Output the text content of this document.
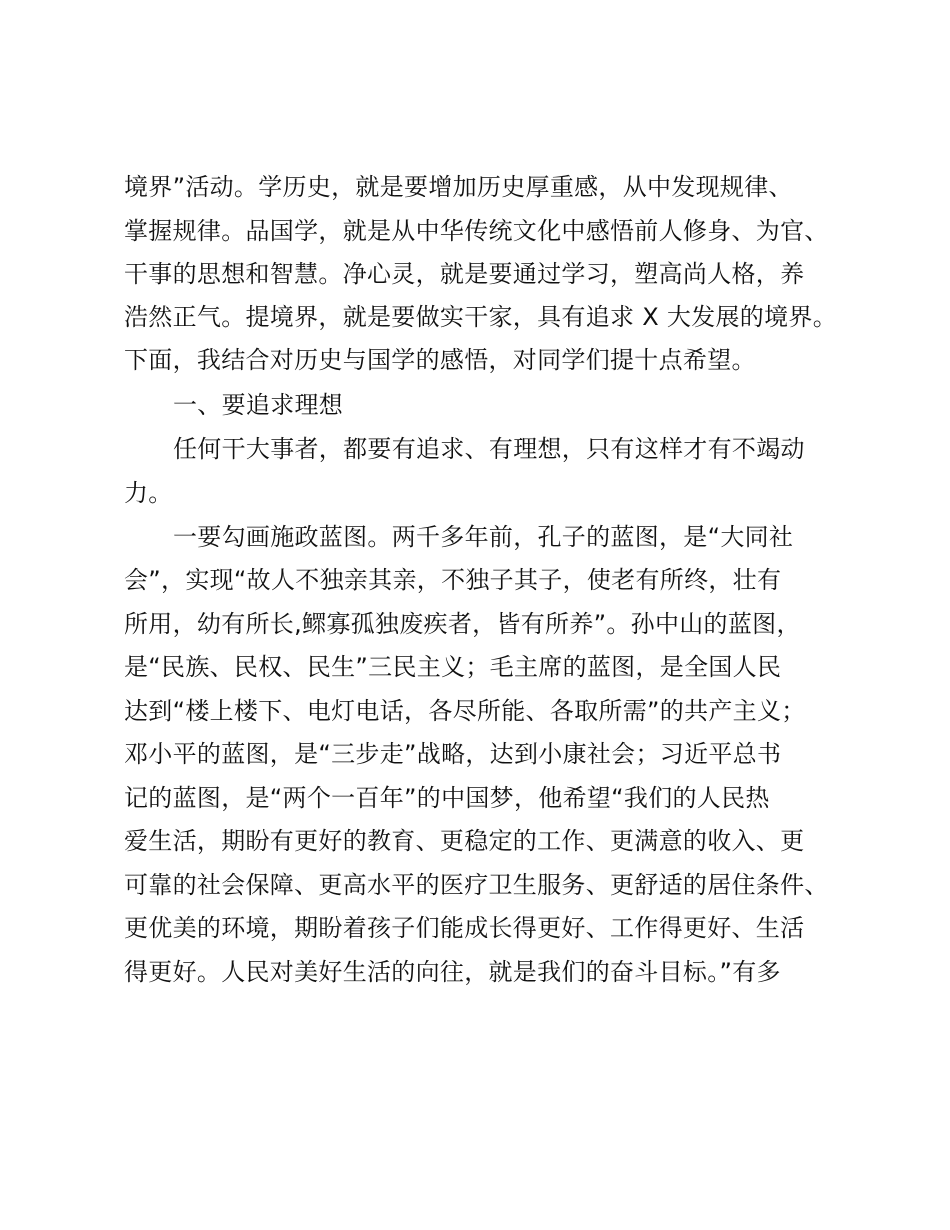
境界”活动。学历史，就是要增加历史厚重感，从中发现规律、

掌握规律。品国学，就是从中华传统文化中感悟前人修身、为官、

干事的思想和智慧。净心灵，就是要通过学习，塑高尚人格，养

浩然正气。提境界，就是要做实干家，具有追求 X 大发展的境界。

下面，我结合对历史与国学的感悟，对同学们提十点希望。

一、要追求理想

任何干大事者，都要有追求、有理想，只有这样才有不竭动

力。

一要勾画施政蓝图。两千多年前，孔子的蓝图，是“大同社

会”，实现“故人不独亲其亲，不独子其子，使老有所终，壮有

所用，幼有所长,鳏寡孤独废疾者，皆有所养”。孙中山的蓝图，

是“民族、民权、民生”三民主义；毛主席的蓝图，是全国人民

达到“楼上楼下、电灯电话，各尽所能、各取所需”的共产主义；

邓小平的蓝图，是“三步走”战略，达到小康社会；习近平总书

记的蓝图，是“两个一百年”的中国梦，他希望“我们的人民热

爱生活，期盼有更好的教育、更稳定的工作、更满意的收入、更

可靠的社会保障、更高水平的医疗卫生服务、更舒适的居住条件、

更优美的环境，期盼着孩子们能成长得更好、工作得更好、生活

得更好。人民对美好生活的向往，就是我们的奋斗目标。”有多
